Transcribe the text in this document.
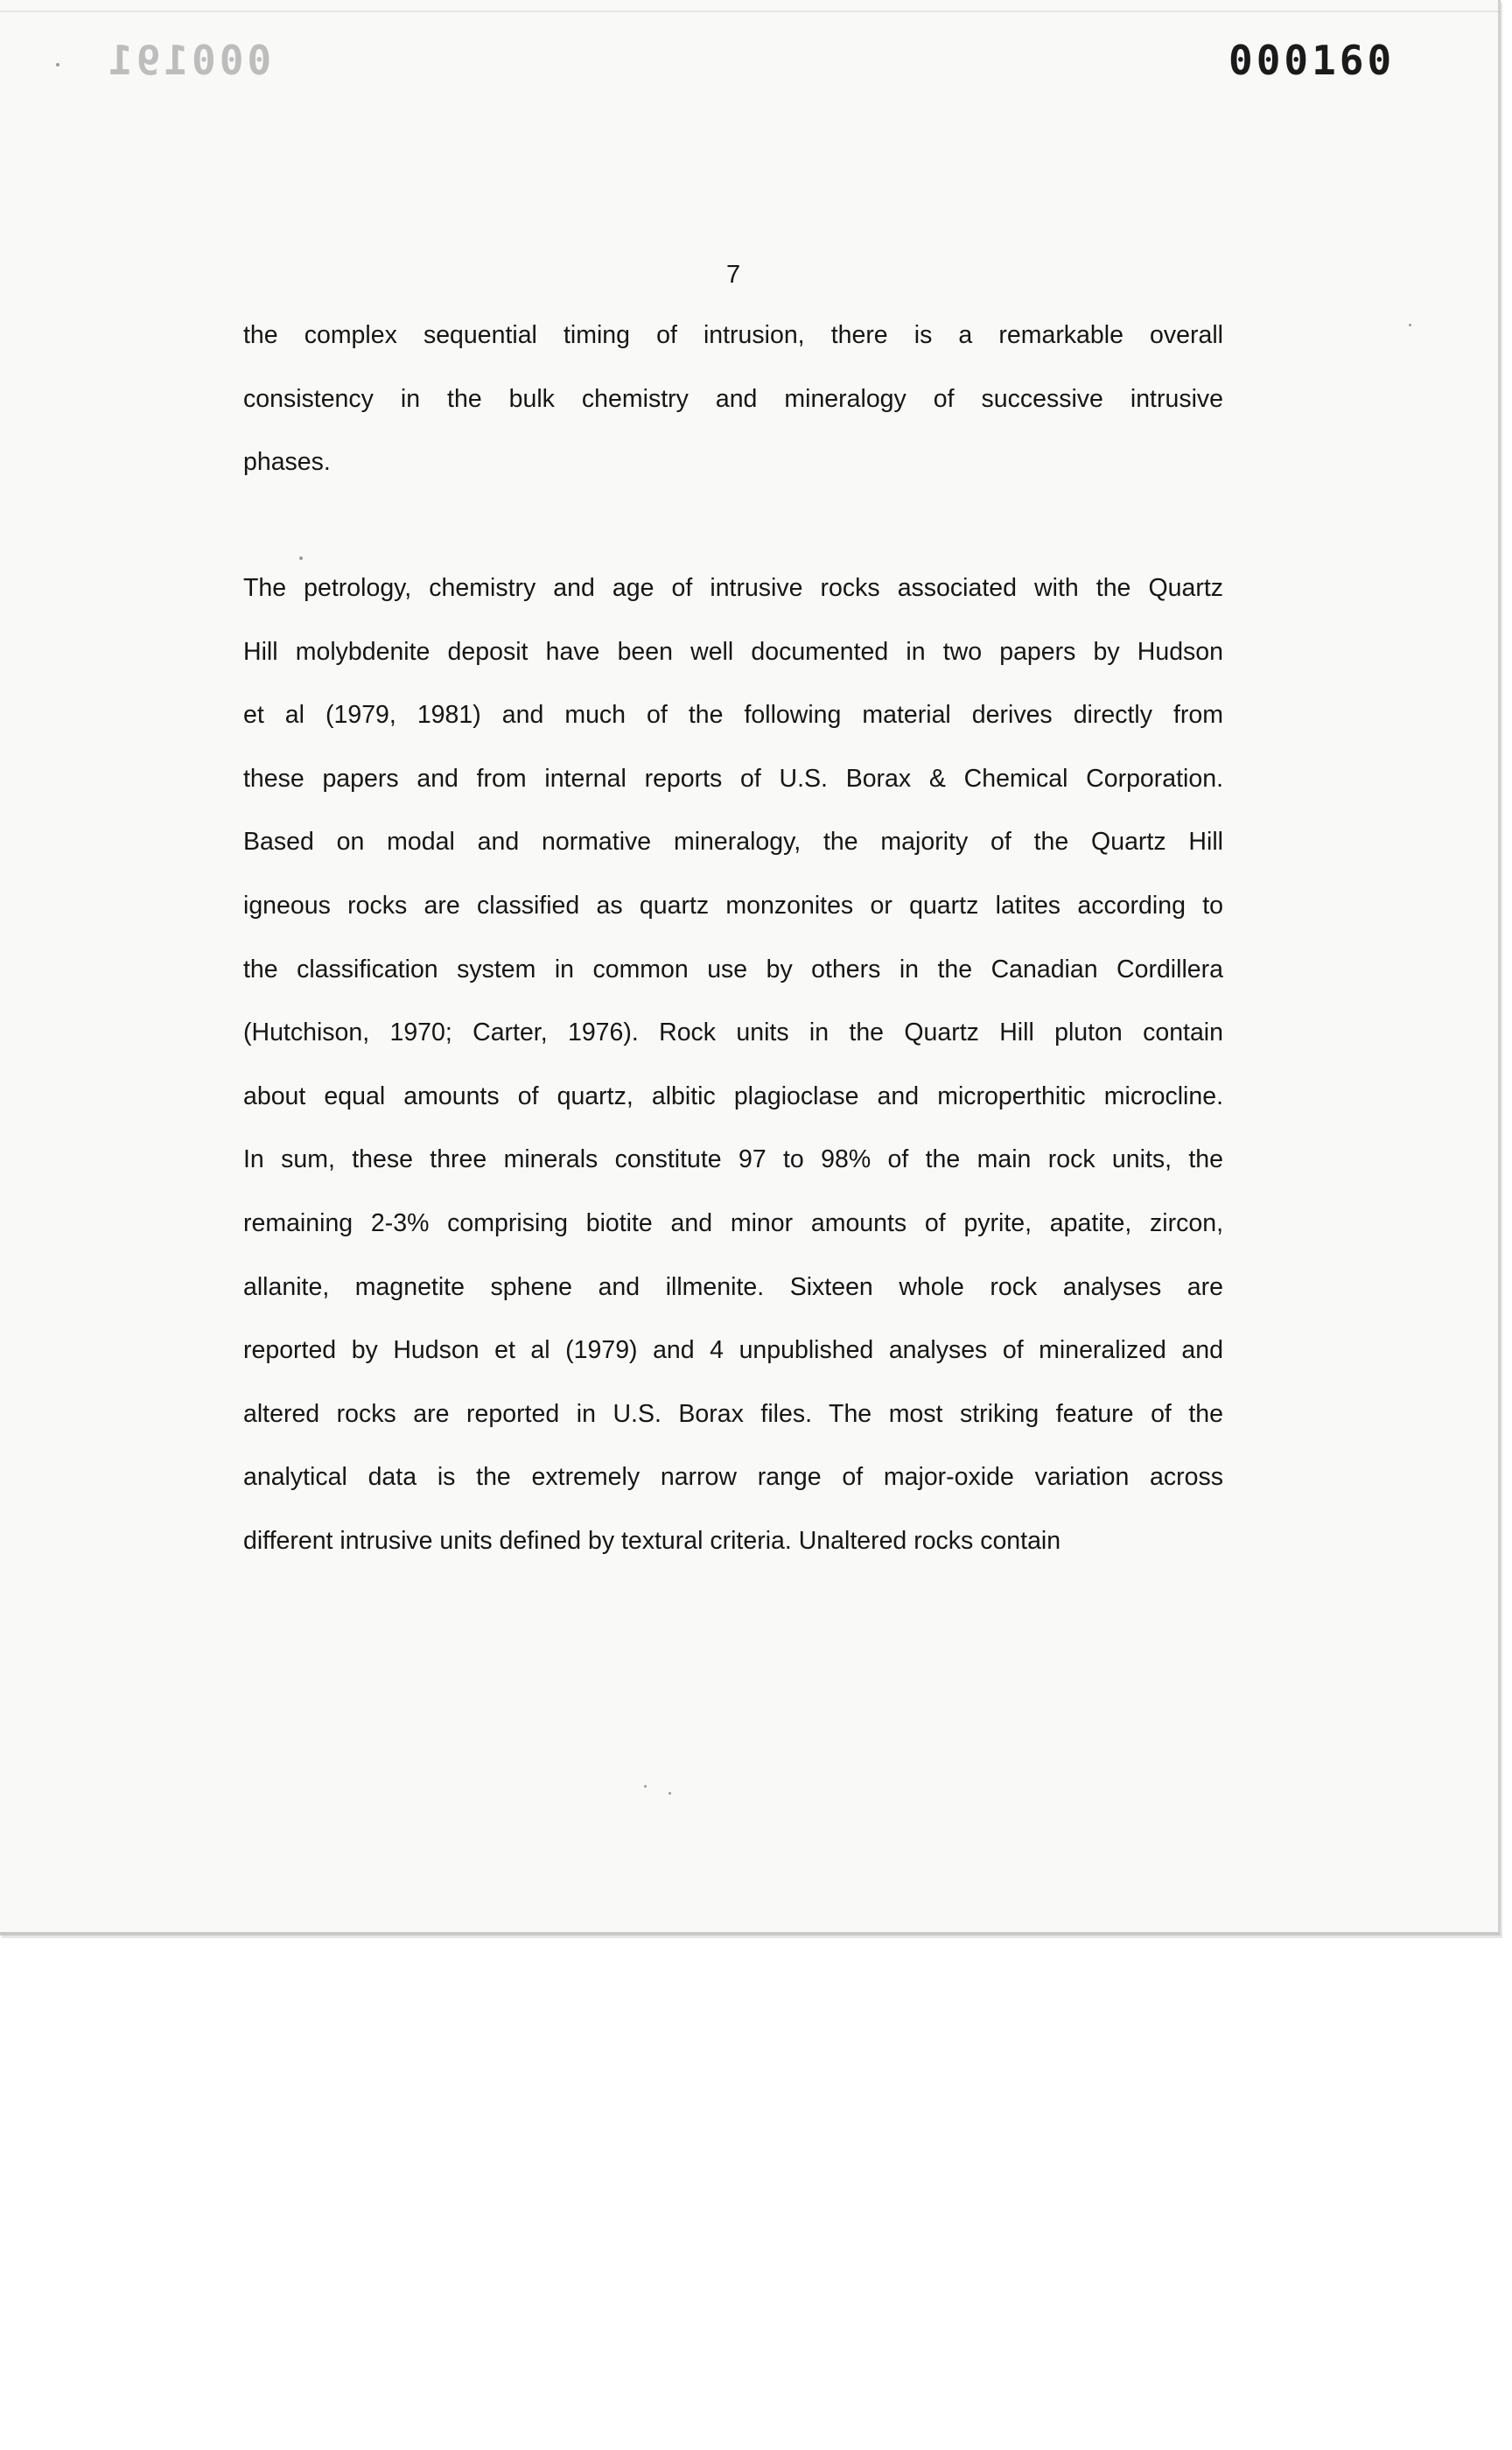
000191	000160
7
the complex sequential timing of intrusion, there is a remarkable overall
consistency in the bulk chemistry and mineralogy of successive intrusive
phases.
The petrology, chemistry and age of intrusive rocks associated with the Quartz
Hill molybdenite deposit have been well documented in two papers by Hudson
et al (1979, 1981) and much of the following material derives directly from
these papers and from internal reports of U.S. Borax & Chemical Corporation.
Based on modal and normative mineralogy, the majority of the Quartz Hill
igneous rocks are classified as quartz monzonites or quartz latites according to
the classification system in common use by others in the Canadian Cordillera
(Hutchison, 1970; Carter, 1976). Rock units in the Quartz Hill pluton contain
about equal amounts of quartz, albitic plagioclase and microperthitic microcline.
In sum, these three minerals constitute 97 to 98% of the main rock units, the
remaining 2-3% comprising biotite and minor amounts of pyrite, apatite, zircon,
allanite, magnetite sphene and illmenite. Sixteen whole rock analyses are
reported by Hudson et al (1979) and 4 unpublished analyses of mineralized and
altered rocks are reported in U.S. Borax files. The most striking feature of the
analytical data is the extremely narrow range of major-oxide variation across
different intrusive units defined by textural criteria. Unaltered rocks contain
